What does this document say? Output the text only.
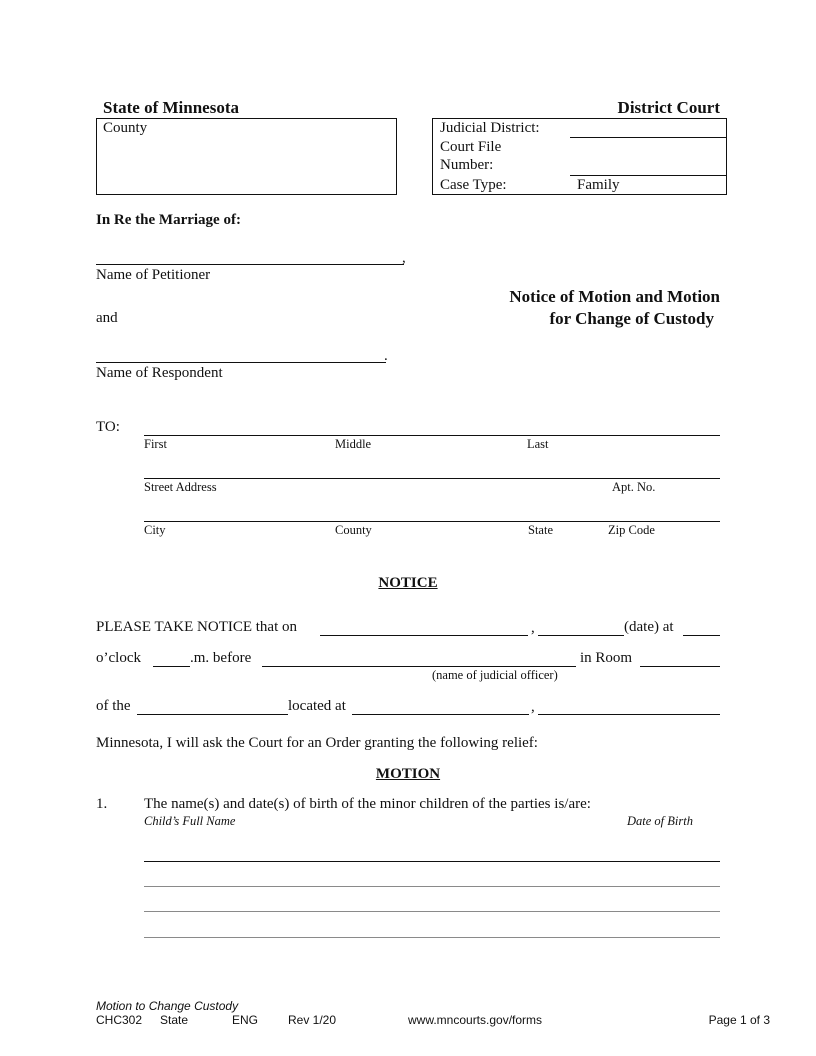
State of Minnesota	District Court
County	Judicial District:
Court File
Number:
Case Type:	Family
In Re the Marriage of:
,
Name of Petitioner
Notice of Motion and Motion
for Change of Custody
and
.
Name of Respondent
TO:
First	Middle	Last
Street Address	Apt. No.
City	County	State	Zip Code
NOTICE
PLEASE TAKE NOTICE that on	,	(date) at
o’clock	.m. before	in Room
(name of judicial officer)
of the	located at	,
Minnesota, I will ask the Court for an Order granting the following relief:
MOTION
1. The name(s) and date(s) of birth of the minor children of the parties is/are:
Child’s Full Name	Date of Birth
Motion to Change Custody
CHC302 State	ENG Rev 1/20	www.mncourts.gov/forms	Page 1 of 3
